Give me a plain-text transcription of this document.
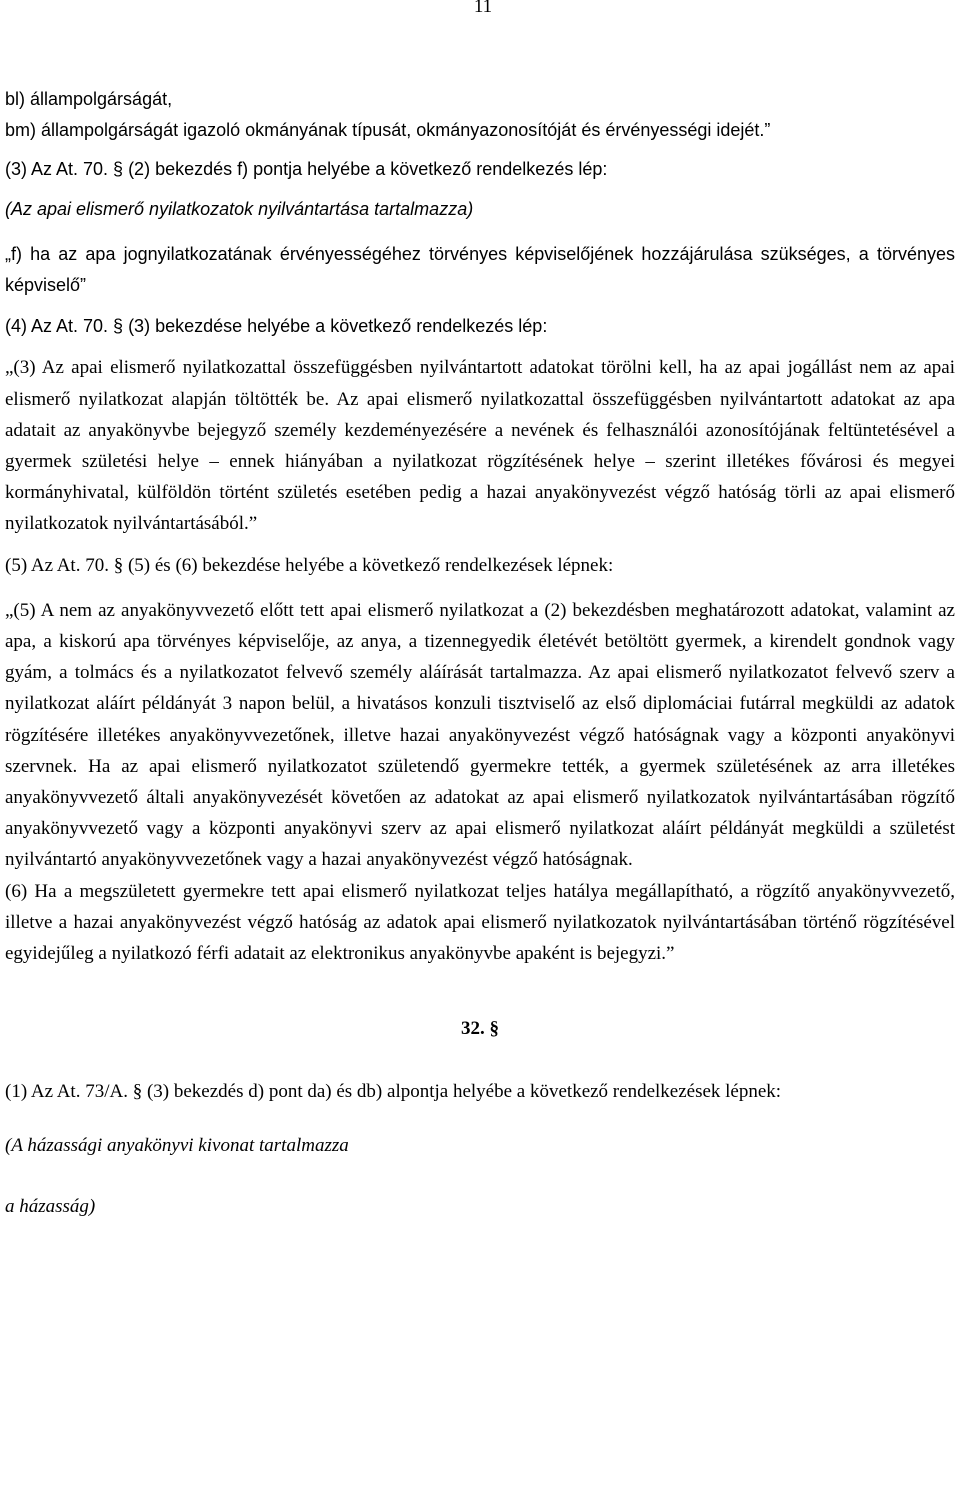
11

bl) állampolgárságát,

bm) állampolgárságát igazoló okmányának típusát, okmányazonosítóját és érvényességi idejét.”

(3) Az At. 70. § (2) bekezdés f) pontja helyébe a következő rendelkezés lép:

(Az apai elismerő nyilatkozatok nyilvántartása tartalmazza)

„f) ha az apa jognyilatkozatának érvényességéhez törvényes képviselőjének hozzájárulása szükséges, a törvényes képviselő”

(4) Az At. 70. § (3) bekezdése helyébe a következő rendelkezés lép:

„(3) Az apai elismerő nyilatkozattal összefüggésben nyilvántartott adatokat törölni kell, ha az apai jogállást nem az apai elismerő nyilatkozat alapján töltötték be. Az apai elismerő nyilatkozattal összefüggésben nyilvántartott adatokat az apa adatait az anyakönyvbe bejegyző személy kezdeményezésére a nevének és felhasználói azonosítójának feltüntetésével a gyermek születési helye – ennek hiányában a nyilatkozat rögzítésének helye – szerint illetékes fővárosi és megyei kormányhivatal, külföldön történt születés esetében pedig a hazai anyakönyvezést végző hatóság törli az apai elismerő nyilatkozatok nyilvántartásából.”

(5) Az At. 70. § (5) és (6) bekezdése helyébe a következő rendelkezések lépnek:

„(5) A nem az anyakönyvvezető előtt tett apai elismerő nyilatkozat a (2) bekezdésben meghatározott adatokat, valamint az apa, a kiskorú apa törvényes képviselője, az anya, a tizennegyedik életévét betöltött gyermek, a kirendelt gondnok vagy gyám, a tolmács és a nyilatkozatot felvevő személy aláírását tartalmazza. Az apai elismerő nyilatkozatot felvevő szerv a nyilatkozat aláírt példányát 3 napon belül, a hivatásos konzuli tisztviselő az első diplomáciai futárral megküldi az adatok rögzítésére illetékes anyakönyvvezetőnek, illetve hazai anyakönyvezést végző hatóságnak vagy a központi anyakönyvi szervnek. Ha az apai elismerő nyilatkozatot születendő gyermekre tették, a gyermek születésének az arra illetékes anyakönyvvezető általi anyakönyvezését követően az adatokat az apai elismerő nyilatkozatok nyilvántartásában rögzítő anyakönyvvezető vagy a központi anyakönyvi szerv az apai elismerő nyilatkozat aláírt példányát megküldi a születést nyilvántartó anyakönyvvezetőnek vagy a hazai anyakönyvezést végző hatóságnak.

(6) Ha a megszületett gyermekre tett apai elismerő nyilatkozat teljes hatálya megállapítható, a rögzítő anyakönyvvezető, illetve a hazai anyakönyvezést végző hatóság az adatok apai elismerő nyilatkozatok nyilvántartásában történő rögzítésével egyidejűleg a nyilatkozó férfi adatait az elektronikus anyakönyvbe apaként is bejegyzi.”

32. §

(1) Az At. 73/A. § (3) bekezdés d) pont da) és db) alpontja helyébe a következő rendelkezések lépnek:

(A házassági anyakönyvi kivonat tartalmazza

a házasság)
